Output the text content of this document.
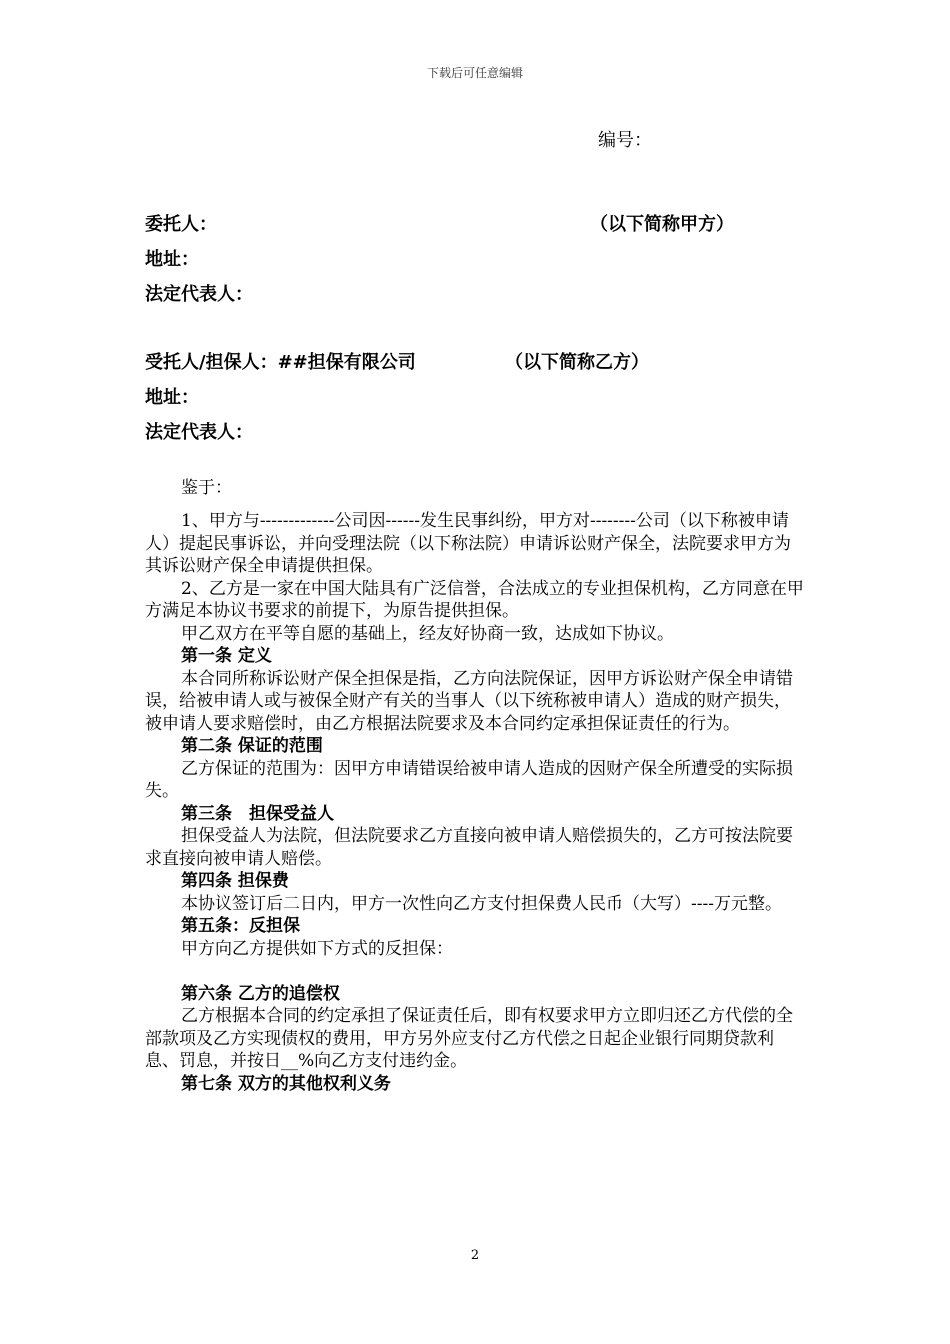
下载后可任意编辑
编号：
委托人：	（以下简称甲方）
地址：
法定代表人：
受托人/担保人：##担保有限公司	（以下简称乙方）
地址：
法定代表人：

鉴于：

1、甲方与-------------公司因------发生民事纠纷，甲方对--------公司（以下称被申请人）提起民事诉讼，并向受理法院（以下称法院）申请诉讼财产保全，法院要求甲方为其诉讼财产保全申请提供担保。

2、乙方是一家在中国大陆具有广泛信誉，合法成立的专业担保机构，乙方同意在甲方满足本协议书要求的前提下，为原告提供担保。

甲乙双方在平等自愿的基础上，经友好协商一致，达成如下协议。

第一条 定义

本合同所称诉讼财产保全担保是指，乙方向法院保证，因甲方诉讼财产保全申请错误，给被申请人或与被保全财产有关的当事人（以下统称被申请人）造成的财产损失，被申请人要求赔偿时，由乙方根据法院要求及本合同约定承担保证责任的行为。

第二条 保证的范围

乙方保证的范围为：因甲方申请错误给被申请人造成的因财产保全所遭受的实际损失。

第三条　担保受益人

担保受益人为法院，但法院要求乙方直接向被申请人赔偿损失的，乙方可按法院要求直接向被申请人赔偿。

第四条 担保费

本协议签订后二日内，甲方一次性向乙方支付担保费人民币（大写）----万元整。

第五条：反担保

甲方向乙方提供如下方式的反担保：

第六条 乙方的追偿权

乙方根据本合同的约定承担了保证责任后，即有权要求甲方立即归还乙方代偿的全部款项及乙方实现债权的费用，甲方另外应支付乙方代偿之日起企业银行同期贷款利息、罚息，并按日__%向乙方支付违约金。

第七条 双方的其他权利义务

2
